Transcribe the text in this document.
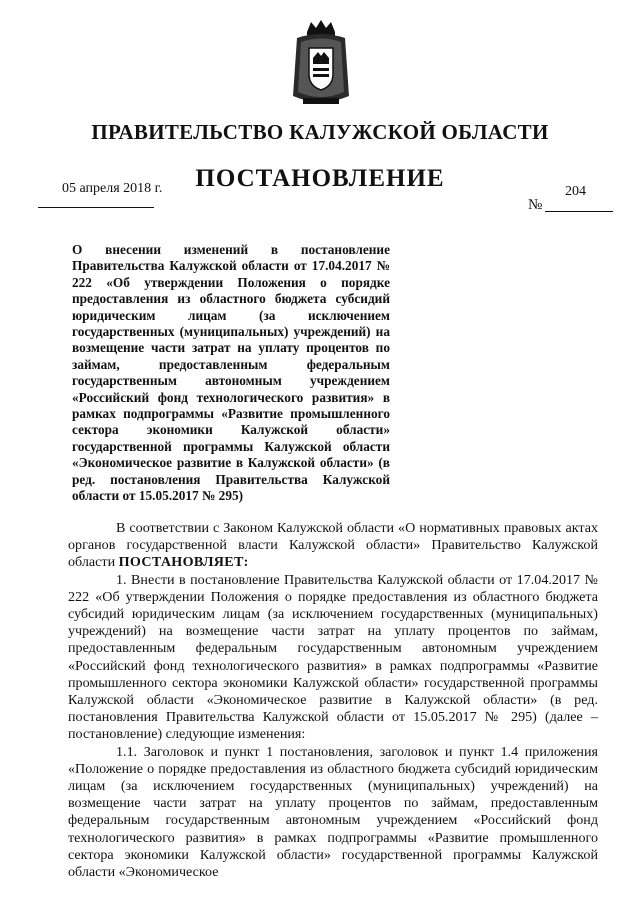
ПРАВИТЕЛЬСТВО КАЛУЖСКОЙ ОБЛАСТИ
ПОСТАНОВЛЕНИЕ
05 апреля 2018 г.
№
204
О внесении изменений в постановление Правительства Калужской области от 17.04.2017 № 222 «Об утверждении Положения о порядке предоставления из областного бюджета субсидий юридическим лицам (за исключением государственных (муниципальных) учреждений) на возмещение части затрат на уплату процентов по займам, предоставленным федеральным государственным автономным учреждением «Российский фонд технологического развития» в рамках подпрограммы «Развитие промышленного сектора экономики Калужской области» государственной программы Калужской области «Экономическое развитие в Калужской области» (в ред. постановления Правительства Калужской области от 15.05.2017 № 295)

В соответствии с Законом Калужской области «О нормативных правовых актах органов государственной власти Калужской области» Правительство Калужской области ПОСТАНОВЛЯЕТ:

1. Внести в постановление Правительства Калужской области от 17.04.2017 № 222 «Об утверждении Положения о порядке предоставления из областного бюджета субсидий юридическим лицам (за исключением государственных (муниципальных) учреждений) на возмещение части затрат на уплату процентов по займам, предоставленным федеральным государственным автономным учреждением «Российский фонд технологического развития» в рамках подпрограммы «Развитие промышленного сектора экономики Калужской области» государственной программы Калужской области «Экономическое развитие в Калужской области» (в ред. постановления Правительства Калужской области от 15.05.2017 № 295) (далее – постановление) следующие изменения:

1.1. Заголовок и пункт 1 постановления, заголовок и пункт 1.4 приложения «Положение о порядке предоставления из областного бюджета субсидий юридическим лицам (за исключением государственных (муниципальных) учреждений) на возмещение части затрат на уплату процентов по займам, предоставленным федеральным государственным автономным учреждением «Российский фонд технологического развития» в рамках подпрограммы «Развитие промышленного сектора экономики Калужской области» государственной программы Калужской области «Экономическое
